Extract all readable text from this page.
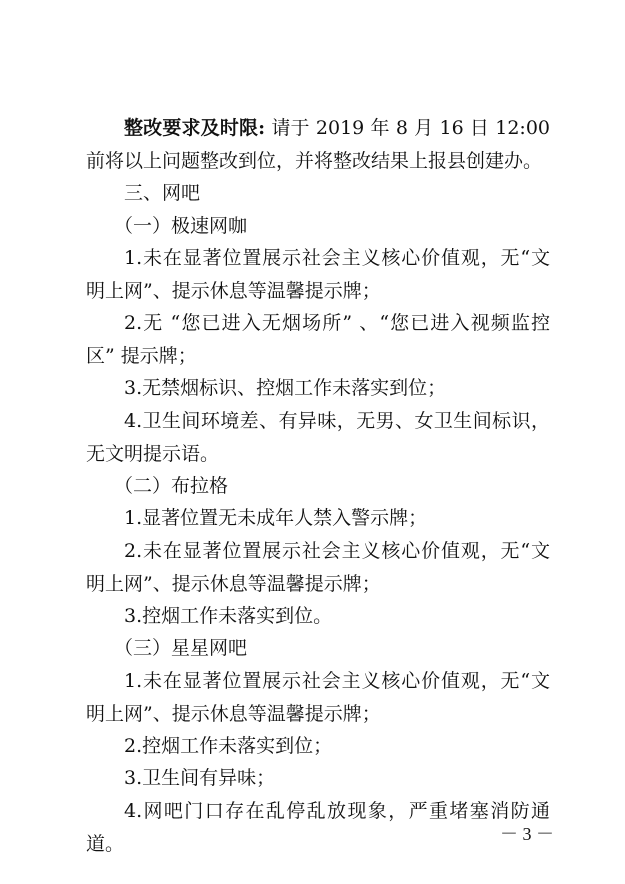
整改要求及时限: 请于 2019 年 8 月 16 日 12:00 前将以上问题整改到位，并将整改结果上报县创建办。

三、网吧

（一）极速网咖

1.未在显著位置展示社会主义核心价值观，无“文明上网”、提示休息等温馨提示牌；

2.无 “您已进入无烟场所” 、“您已进入视频监控区” 提示牌；

3.无禁烟标识、控烟工作未落实到位；

4.卫生间环境差、有异味，无男、女卫生间标识，无文明提示语。

（二）布拉格

1.显著位置无未成年人禁入警示牌；

2.未在显著位置展示社会主义核心价值观，无“文明上网”、提示休息等温馨提示牌；

3.控烟工作未落实到位。

（三）星星网吧

1.未在显著位置展示社会主义核心价值观，无“文明上网”、提示休息等温馨提示牌；

2.控烟工作未落实到位；

3.卫生间有异味；

4.网吧门口存在乱停乱放现象，严重堵塞消防通道。	－ 3 －
